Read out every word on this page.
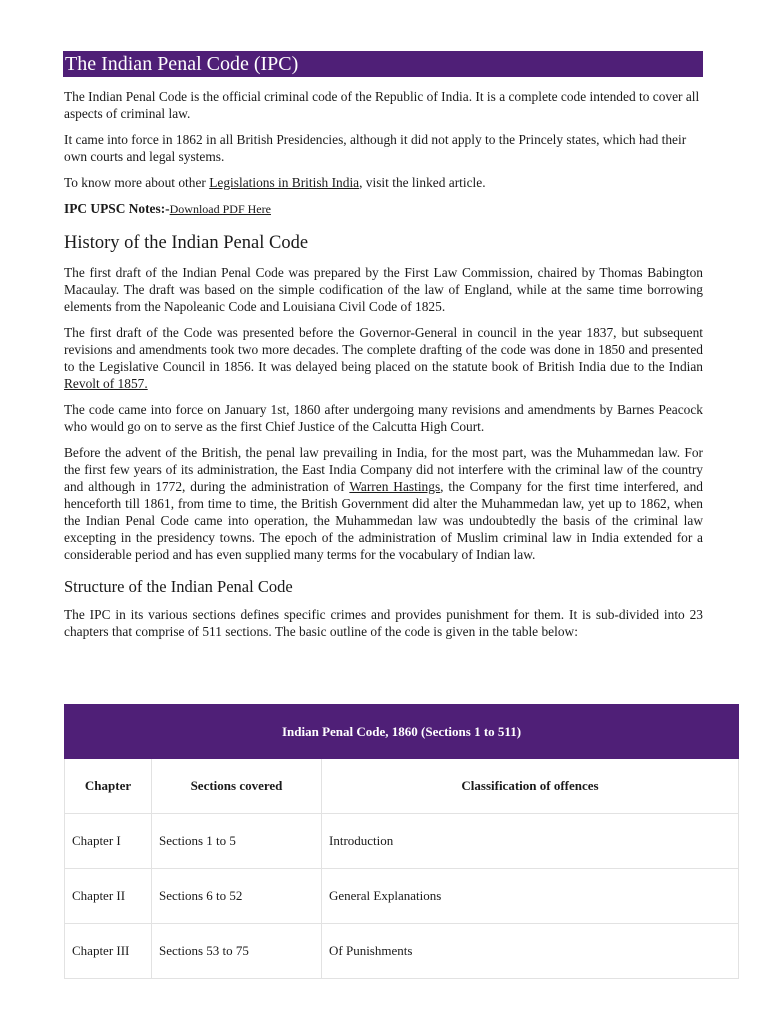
The Indian Penal Code (IPC)

The Indian Penal Code is the official criminal code of the Republic of India. It is a complete code intended to cover all aspects of criminal law.

It came into force in 1862 in all British Presidencies, although it did not apply to the Princely states, which had their own courts and legal systems.

To know more about other Legislations in British India, visit the linked article.

IPC UPSC Notes:-Download PDF Here

History of the Indian Penal Code

The first draft of the Indian Penal Code was prepared by the First Law Commission, chaired by Thomas Babington Macaulay. The draft was based on the simple codification of the law of England, while at the same time borrowing elements from the Napoleanic Code and Louisiana Civil Code of 1825.

The first draft of the Code was presented before the Governor-General in council in the year 1837, but subsequent revisions and amendments took two more decades. The complete drafting of the code was done in 1850 and presented to the Legislative Council in 1856. It was delayed being placed on the statute book of British India due to the Indian Revolt of 1857.

The code came into force on January 1st, 1860 after undergoing many revisions and amendments by Barnes Peacock who would go on to serve as the first Chief Justice of the Calcutta High Court.

Before the advent of the British, the penal law prevailing in India, for the most part, was the Muhammedan law. For the first few years of its administration, the East India Company did not interfere with the criminal law of the country and although in 1772, during the administration of Warren Hastings, the Company for the first time interfered, and henceforth till 1861, from time to time, the British Government did alter the Muhammedan law, yet up to 1862, when the Indian Penal Code came into operation, the Muhammedan law was undoubtedly the basis of the criminal law excepting in the presidency towns. The epoch of the administration of Muslim criminal law in India extended for a considerable period and has even supplied many terms for the vocabulary of Indian law.

Structure of the Indian Penal Code

The IPC in its various sections defines specific crimes and provides punishment for them. It is sub-divided into 23 chapters that comprise of 511 sections. The basic outline of the code is given in the table below:

Indian Penal Code, 1860 (Sections 1 to 511)		
Chapter	Sections covered	Classification of offences
Chapter I	Sections 1 to 5	Introduction
Chapter II	Sections 6 to 52	General Explanations
Chapter III	Sections 53 to 75	Of Punishments
